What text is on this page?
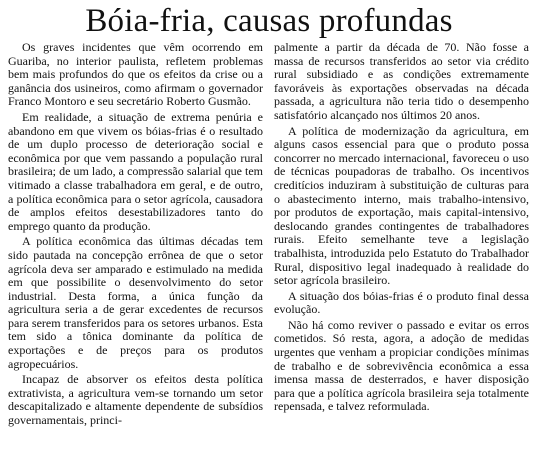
Bóia-fria, causas profundas

Os graves incidentes que vêm ocorrendo em Guariba, no interior paulista, refletem problemas bem mais profundos do que os efeitos da crise ou a ganância dos usineiros, como afirmam o governador Franco Montoro e seu secretário Roberto Gusmão.

Em realidade, a situação de extrema penúria e abandono em que vivem os bóias-frias é o resultado de um duplo processo de deterioração social e econômica por que vem passando a população rural brasileira; de um lado, a compressão salarial que tem vitimado a classe trabalhadora em geral, e de outro, a política econômica para o setor agrícola, causadora de amplos efeitos desestabilizadores tanto do emprego quanto da produção.

A política econômica das últimas décadas tem sido pautada na concepção errônea de que o setor agrícola deva ser amparado e estimulado na medida em que possibilite o desenvolvimento do setor industrial. Desta forma, a única função da agricultura seria a de gerar excedentes de recursos para serem transferidos para os setores urbanos. Esta tem sido a tônica dominante da política de exportações e de preços para os produtos agropecuários.

Incapaz de absorver os efeitos desta política extrativista, a agricultura vem-se tornando um setor descapitalizado e altamente dependente de subsídios governamentais, princi-

palmente a partir da década de 70. Não fosse a massa de recursos transferidos ao setor via crédito rural subsidiado e as condições extremamente favoráveis às exportações observadas na década passada, a agricultura não teria tido o desempenho satisfatório alcançado nos últimos 20 anos.

A política de modernização da agricultura, em alguns casos essencial para que o produto possa concorrer no mercado internacional, favoreceu o uso de técnicas poupadoras de trabalho. Os incentivos creditícios induziram à substituição de culturas para o abastecimento interno, mais trabalho-intensivo, por produtos de exportação, mais capital-intensivo, deslocando grandes contingentes de trabalhadores rurais. Efeito semelhante teve a legislação trabalhista, introduzida pelo Estatuto do Trabalhador Rural, dispositivo legal inadequado à realidade do setor agrícola brasileiro.

A situação dos bóias-frias é o produto final dessa evolução.

Não há como reviver o passado e evitar os erros cometidos. Só resta, agora, a adoção de medidas urgentes que venham a propiciar condições mínimas de trabalho e de sobrevivência econômica a essa imensa massa de desterrados, e haver disposição para que a política agrícola brasileira seja totalmente repensada, e talvez reformulada.
